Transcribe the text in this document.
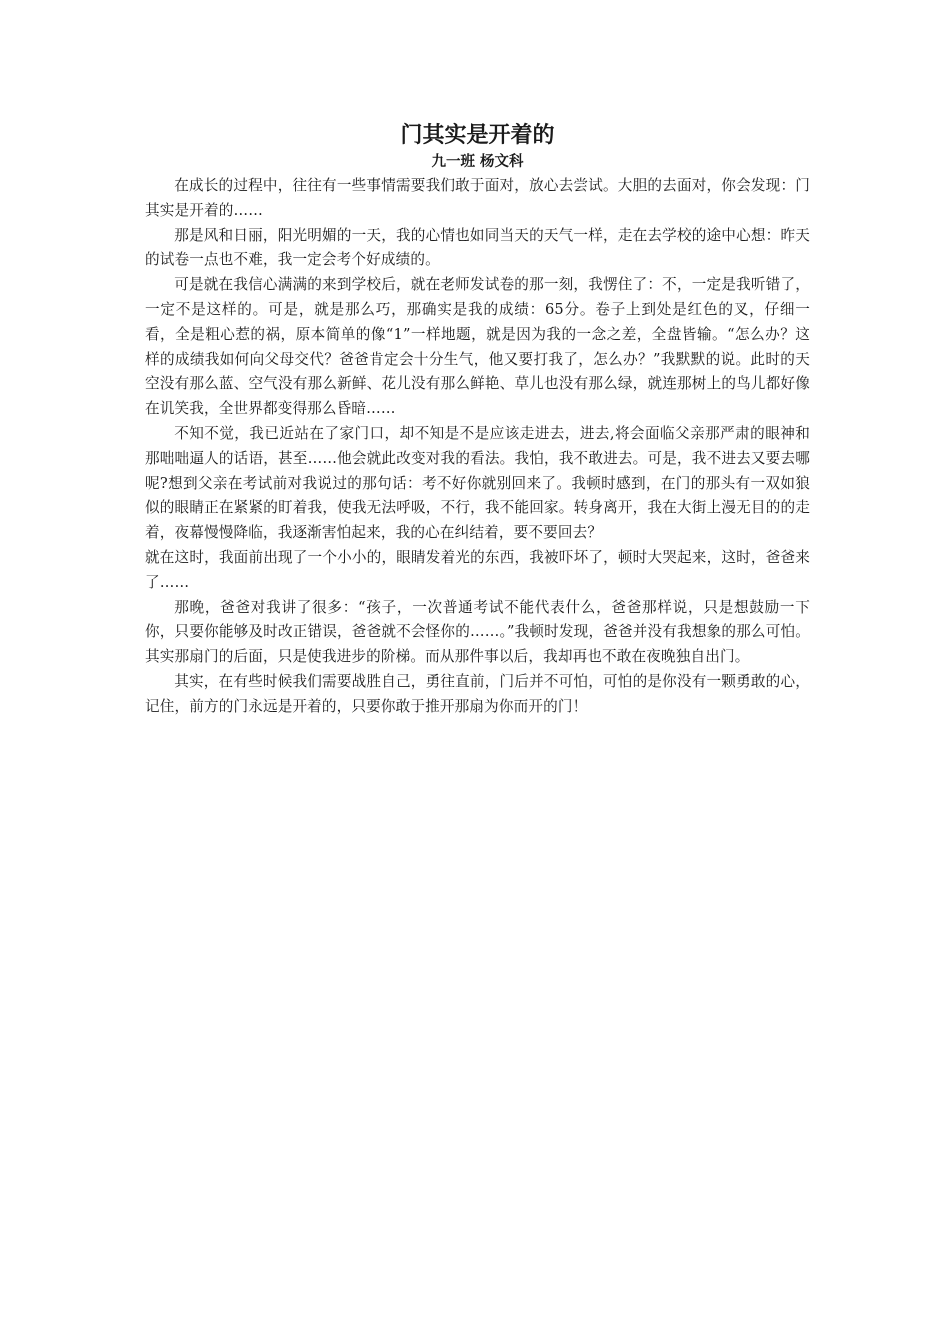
门其实是开着的
九一班 杨文科

在成长的过程中，往往有一些事情需要我们敢于面对，放心去尝试。大胆的去面对，你会发现：门其实是开着的……

那是风和日丽，阳光明媚的一天，我的心情也如同当天的天气一样，走在去学校的途中心想：昨天的试卷一点也不难，我一定会考个好成绩的。

可是就在我信心满满的来到学校后，就在老师发试卷的那一刻，我愣住了：不，一定是我听错了，一定不是这样的。可是，就是那么巧，那确实是我的成绩：65分。卷子上到处是红色的叉，仔细一看，全是粗心惹的祸，原本简单的像“1”一样地题，就是因为我的一念之差，全盘皆输。“怎么办？这样的成绩我如何向父母交代？爸爸肯定会十分生气，他又要打我了，怎么办？”我默默的说。此时的天空没有那么蓝、空气没有那么新鲜、花儿没有那么鲜艳、草儿也没有那么绿，就连那树上的鸟儿都好像在讥笑我，全世界都变得那么昏暗……

不知不觉，我已近站在了家门口，却不知是不是应该走进去，进去,将会面临父亲那严肃的眼神和那咄咄逼人的话语，甚至……他会就此改变对我的看法。我怕，我不敢进去。可是，我不进去又要去哪呢?想到父亲在考试前对我说过的那句话：考不好你就别回来了。我顿时感到，在门的那头有一双如狼似的眼睛正在紧紧的盯着我，使我无法呼吸，不行，我不能回家。转身离开，我在大街上漫无目的的走着，夜幕慢慢降临，我逐渐害怕起来，我的心在纠结着，要不要回去？

就在这时，我面前出现了一个小小的，眼睛发着光的东西，我被吓坏了，顿时大哭起来，这时，爸爸来了……

那晚，爸爸对我讲了很多：“孩子，一次普通考试不能代表什么，爸爸那样说，只是想鼓励一下你，只要你能够及时改正错误，爸爸就不会怪你的……。”我顿时发现，爸爸并没有我想象的那么可怕。其实那扇门的后面，只是使我进步的阶梯。而从那件事以后，我却再也不敢在夜晚独自出门。

其实，在有些时候我们需要战胜自己，勇往直前，门后并不可怕，可怕的是你没有一颗勇敢的心，记住，前方的门永远是开着的，只要你敢于推开那扇为你而开的门！
